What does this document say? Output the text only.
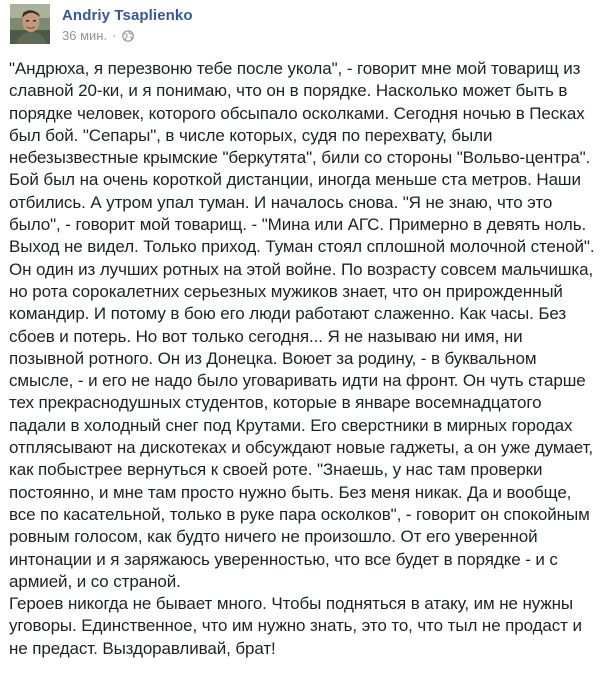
Andriy Tsaplienko
36 мин. ·

"Андрюха, я перезвоню тебе после укола", - говорит мне мой товарищ из славной 20-ки, и я понимаю, что он в порядке. Насколько может быть в порядке человек, которого обсыпало осколками. Сегодня ночью в Песках был бой. "Сепары", в числе которых, судя по перехвату, были небезызвестные крымские "беркутята", били со стороны "Вольво-центра". Бой был на очень короткой дистанции, иногда меньше ста метров. Наши отбились. А утром упал туман. И началось снова. "Я не знаю, что это было", - говорит мой товарищ. - "Мина или АГС. Примерно в девять ноль. Выход не видел. Только приход. Туман стоял сплошной молочной стеной". Он один из лучших ротных на этой войне. По возрасту совсем мальчишка, но рота сорокалетних серьезных мужиков знает, что он прирожденный командир. И потому в бою его люди работают слаженно. Как часы. Без сбоев и потерь. Но вот только сегодня... Я не называю ни имя, ни позывной ротного. Он из Донецка. Воюет за родину, - в буквальном смысле, - и его не надо было уговаривать идти на фронт. Он чуть старше тех прекраснодушных студентов, которые в январе восемнадцатого падали в холодный снег под Крутами. Его сверстники в мирных городах отплясывают на дискотеках и обсуждают новые гаджеты, а он уже думает, как побыстрее вернуться к своей роте. "Знаешь, у нас там проверки постоянно, и мне там просто нужно быть. Без меня никак. Да и вообще, все по касательной, только в руке пара осколков", - говорит он спокойным ровным голосом, как будто ничего не произошло. От его уверенной интонации и я заряжаюсь уверенностью, что все будет в порядке - и с армией, и со страной.

Героев никогда не бывает много. Чтобы подняться в атаку, им не нужны уговоры. Единственное, что им нужно знать, это то, что тыл не продаст и не предаст. Выздоравливай, брат!
